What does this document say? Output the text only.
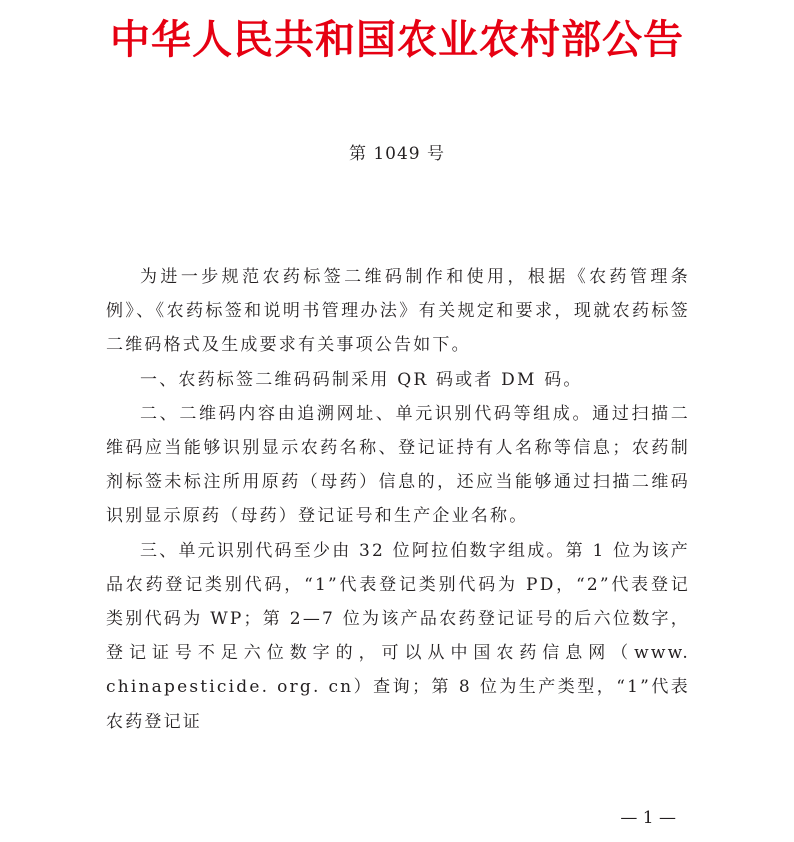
中华人民共和国农业农村部公告
第 1049 号

为进一步规范农药标签二维码制作和使用，根据《农药管理条例》、《农药标签和说明书管理办法》有关规定和要求，现就农药标签二维码格式及生成要求有关事项公告如下。

一、农药标签二维码码制采用 QR 码或者 DM 码。

二、二维码内容由追溯网址、单元识别代码等组成。通过扫描二维码应当能够识别显示农药名称、登记证持有人名称等信息；农药制剂标签未标注所用原药（母药）信息的，还应当能够通过扫描二维码识别显示原药（母药）登记证号和生产企业名称。

三、单元识别代码至少由 32 位阿拉伯数字组成。第 1 位为该产品农药登记类别代码，“1”代表登记类别代码为 PD，“2”代表登记类别代码为 WP；第 2—7 位为该产品农药登记证号的后六位数字，登记证号不足六位数字的，可以从中国农药信息网（www. chinapesticide. org. cn）查询；第 8 位为生产类型，“1”代表农药登记证

— 1 —
